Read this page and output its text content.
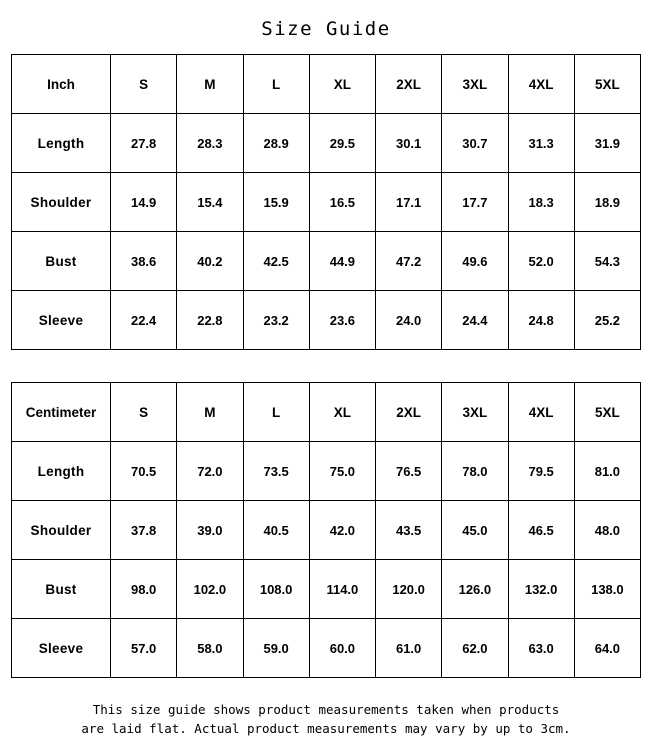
Size Guide
Inch	S	M	L	XL	2XL	3XL	4XL	5XL
Length	27.8	28.3	28.9	29.5	30.1	30.7	31.3	31.9
Shoulder	14.9	15.4	15.9	16.5	17.1	17.7	18.3	18.9
Bust	38.6	40.2	42.5	44.9	47.2	49.6	52.0	54.3
Sleeve	22.4	22.8	23.2	23.6	24.0	24.4	24.8	25.2
Centimeter	S	M	L	XL	2XL	3XL	4XL	5XL
Length	70.5	72.0	73.5	75.0	76.5	78.0	79.5	81.0
Shoulder	37.8	39.0	40.5	42.0	43.5	45.0	46.5	48.0
Bust	98.0	102.0	108.0	114.0	120.0	126.0	132.0	138.0
Sleeve	57.0	58.0	59.0	60.0	61.0	62.0	63.0	64.0
This size guide shows product measurements taken when products
are laid flat. Actual product measurements may vary by up to 3cm.
